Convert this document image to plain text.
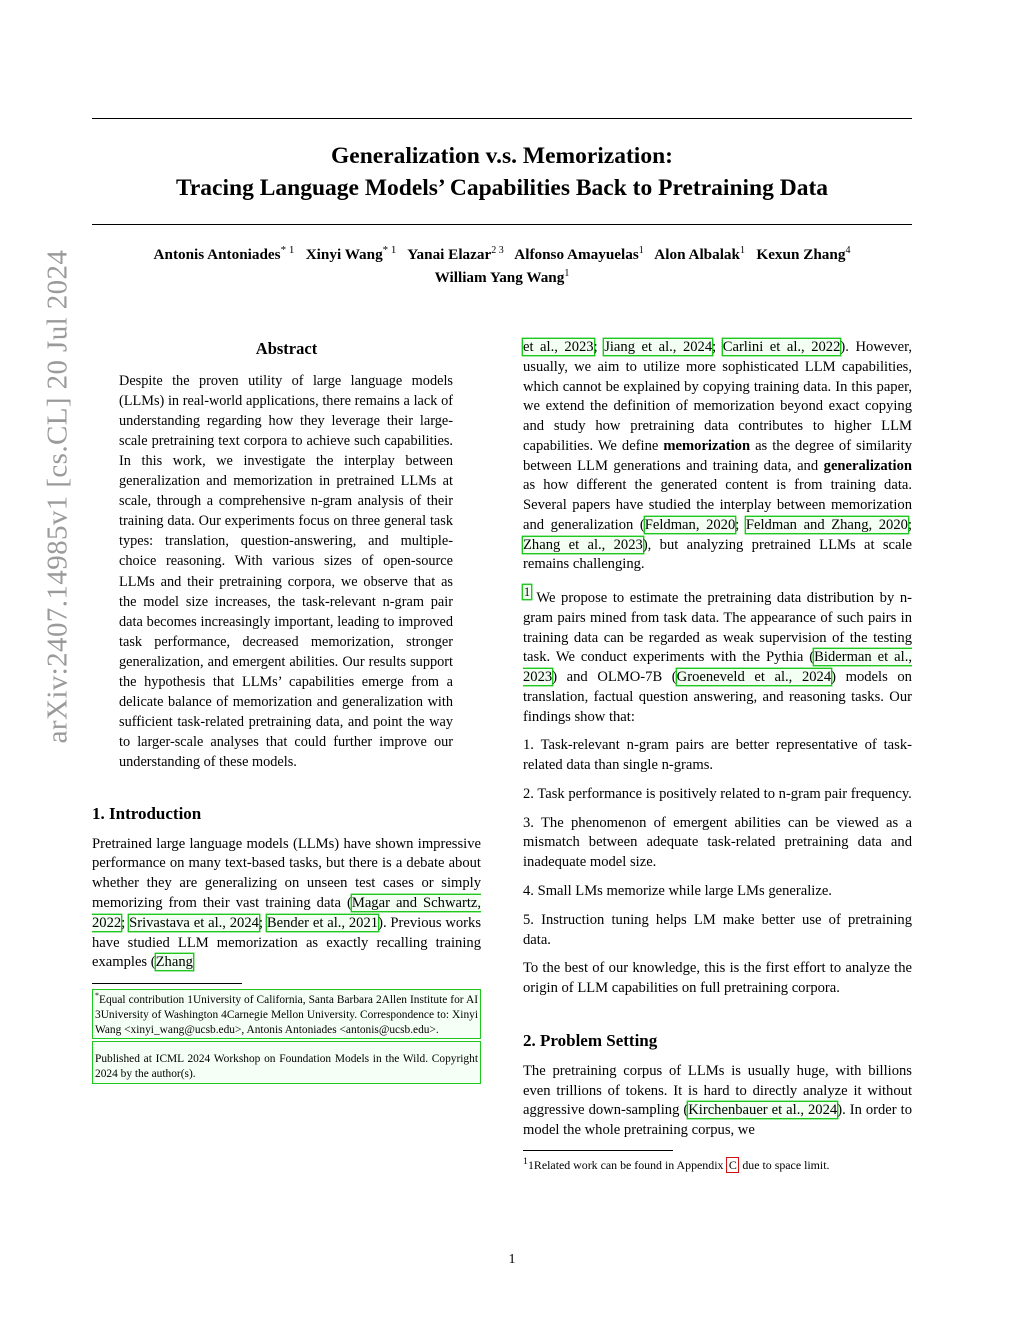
arXiv:2407.14985v1 [cs.CL] 20 Jul 2024
Generalization v.s. Memorization:
Tracing Language Models’ Capabilities Back to Pretraining Data
Antonis Antoniades$^{* 1}$ Xinyi Wang$^{* 1}$ Yanai Elazar$^{2 3}$ Alfonso Amayuelas$^1$ Alon Albalak$^1$ Kexun Zhang$^4$
William Yang Wang$^1$
Abstract
Despite the proven utility of large language models (LLMs) in real-world applications, there remains a lack of understanding regarding how they leverage their large-scale pretraining text corpora to achieve such capabilities. In this work, we investigate the interplay between generalization and memorization in pretrained LLMs at scale, through a comprehensive n-gram analysis of their training data. Our experiments focus on three general task types: translation, question-answering, and multiple-choice reasoning. With various sizes of open-source LLMs and their pretraining corpora, we observe that as the model size increases, the task-relevant n-gram pair data becomes increasingly important, leading to improved task performance, decreased memorization, stronger generalization, and emergent abilities. Our results support the hypothesis that LLMs’ capabilities emerge from a delicate balance of memorization and generalization with sufficient task-related pretraining data, and point the way to larger-scale analyses that could further improve our understanding of these models.
1. Introduction

Pretrained large language models (LLMs) have shown impressive performance on many text-based tasks, but there is a debate about whether they are generalizing on unseen test cases or simply memorizing from their vast training data (Magar and Schwartz, 2022; Srivastava et al., 2024; Bender et al., 2021). Previous works have studied LLM memorization as exactly recalling training examples (Zhang

*Equal contribution 1University of California, Santa Barbara 2Allen Institute for AI 3University of Washington 4Carnegie Mellon University. Correspondence to: Xinyi Wang <xinyi_wang@ucsb.edu>, Antonis Antoniades <antonis@ucsb.edu>.
Published at ICML 2024 Workshop on Foundation Models in the Wild. Copyright 2024 by the author(s).

et al., 2023; Jiang et al., 2024; Carlini et al., 2022). However, usually, we aim to utilize more sophisticated LLM capabilities, which cannot be explained by copying training data. In this paper, we extend the definition of memorization beyond exact copying and study how pretraining data contributes to higher LLM capabilities. We define memorization as the degree of similarity between LLM generations and training data, and generalization as how different the generated content is from training data. Several papers have studied the interplay between memorization and generalization (Feldman, 2020; Feldman and Zhang, 2020; Zhang et al., 2023), but analyzing pretrained LLMs at scale remains challenging.

$^1$ We propose to estimate the pretraining data distribution by n-gram pairs mined from task data. The appearance of such pairs in training data can be regarded as weak supervision of the testing task. We conduct experiments with the Pythia (Biderman et al., 2023) and OLMO-7B (Groeneveld et al., 2024) models on translation, factual question answering, and reasoning tasks. Our findings show that:

1. Task-relevant n-gram pairs are better representative of task-related data than single n-grams.
2. Task performance is positively related to n-gram pair frequency.
3. The phenomenon of emergent abilities can be viewed as a mismatch between adequate task-related pretraining data and inadequate model size.
4. Small LMs memorize while large LMs generalize.
5. Instruction tuning helps LM make better use of pretraining data.

To the best of our knowledge, this is the first effort to analyze the origin of LLM capabilities on full pretraining corpora.

2. Problem Setting

The pretraining corpus of LLMs is usually huge, with billions even trillions of tokens. It is hard to directly analyze it without aggressive down-sampling (Kirchenbauer et al., 2024). In order to model the whole pretraining corpus, we

$^1$1Related work can be found in Appendix C due to space limit.
1
